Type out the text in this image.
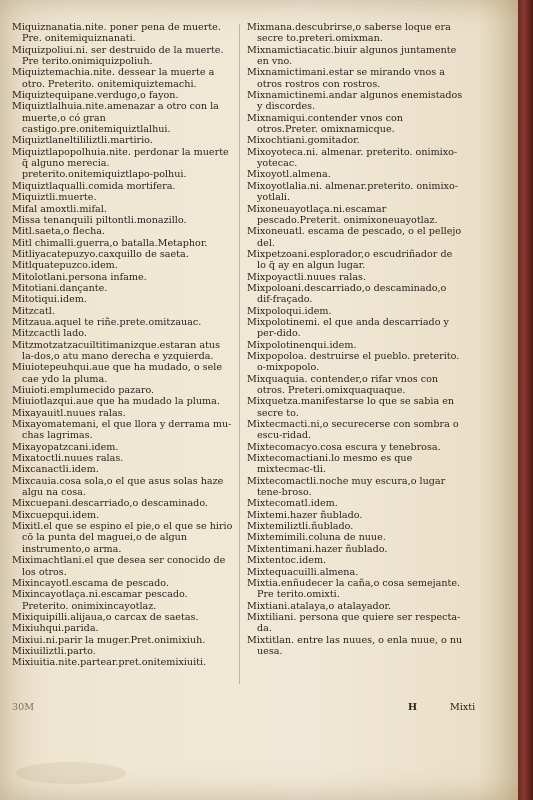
Miquiznanatia.nite. poner pena de muerte. Pre. onitemiquiznanati.

Miquizpoliui.ni. ser destruido de la muerte. Pre terito.onimiquizpoliuh.

Miquiztemachia.nite. dessear la muerte a otro. Preterito. onitemiquiztemachi.

Miquiztequipane.verdugo,o fayon.

Miquiztlalhuia.nite.amenazar a otro con la muerte,o có gran castigo.pre.onitemiquiztlalhui.

Miquiztlaneltililiztli.martirio.

Miquiztlapopolhuia.nite. perdonar la muerte q̃ alguno merecia. preterito.onitemiquiztlapo-polhui.

Miquiztlaqualli.comida mortifera.

Miquiztli.muerte.

Mifal amoxtli.mifal.

Missa tenanquili piltontli.monazillo.

Mitl.saeta,o flecha.

Mitl chimalli.guerra,o batalla.Metaphor.

Mitliyacatepuzyo.caxquillo de saeta.

Mitlquatepuzco.idem.

Mitolotlani.persona infame.

Mitotiani.dançante.

Mitotiqui.idem.

Mitzcatl.

Mitzaua.aquel te riñe.prete.omitzauac.

Mitzcactli lado.

Mitzmotzatzacuiltitimanizque.estaran atus la-dos,o atu mano derecha e yzquierda.

Miuiotepeuhqui.aue que ha mudado, o sele cae ydo la pluma.

Miuioti.emplumecido pazaro.

Miuiotlazqui.aue que ha mudado la pluma.

Mixayauitl.nuues ralas.

Mixayomatemani, el que llora y derrama mu-chas lagrimas.

Mixayopatzcani.idem.

Mixatoctli.nuues ralas.

Mixcanactli.idem.

Mixcauia.cosa sola,o el que asus solas haze algu na cosa.

Mixcuepani.descarriado,o descaminado.

Mixcuepqui.idem.

Mixitl.el que se espino el pie,o el que se hirio cō la punta del maguei,o de algun instrumento,o arma.

Miximachtlani.el que desea ser conocido de los otros.

Mixincayotl.escama de pescado.

Mixincayotlaça.ni.escamar pescado. Preterito. onimixincayotlaz.

Mixiquipilli.alijaua,o carcax de saetas.

Mixiuhqui.parida.

Mixiui.ni.parir la muger.Pret.onimixiuh.

Mixiuiliztli.parto.

Mixiuitia.nite.partear.pret.onitemixiuiti.

Mixmana.descubrirse,o saberse loque era secre to.preteri.omixman.

Mixnamictiacatic.biuir algunos juntamente en vno.

Mixnamictimani.estar se mirando vnos a otros rostros con rostros.

Mixnamictinemi.andar algunos enemistados y discordes.

Mixnamiqui.contender vnos con otros.Preter. omixnamicque.

Mixochtiani.gomitador.

Mixoyoteca.ni. almenar. preterito. onimixo-yotecac.

Mixoyotl.almena.

Mixoyotlalia.ni. almenar.preterito. onimixo-yotlali.

Mixoneuayotlaça.ni.escamar pescado.Preterit. onimixoneuayotlaz.

Mixoneuatl. escama de pescado, o el pellejo del.

Mixpetzoani.esplorador,o escudriñador de lo q̃ ay en algun lugar.

Mixpoyactli.nuues ralas.

Mixpoloani.descarriado,o descaminado,o dif-fraçado.

Mixpoloqui.idem.

Mixpolotinemi. el que anda descarriado y per-dido.

Mixpolotinenqui.idem.

Mixpopoloa. destruirse el pueblo. preterito. o-mixpopolo.

Mixquaquia. contender,o rifar vnos con otros. Preteri.omixquaquaque.

Mixquetza.manifestarse lo que se sabia en secre to.

Mixtecmacti.ni,o securecerse con sombra o escu-ridad.

Mixtecomacyo.cosa escura y tenebrosa.

Mixtecomactiani.lo mesmo es que mixtecmac-tli.

Mixtecomactli.noche muy escura,o lugar tene-broso.

Mixtecomatl.idem.

Mixtemi.hazer ñublado.

Mixtemiliztli.ñublado.

Mixtemimili.coluna de nuue.

Mixtentimani.hazer ñublado.

Mixtentoc.idem.

Mixtequacuilli.almena.

Mixtia.enñudecer la caña,o cosa semejante. Pre terito.omixti.

Mixtiani.atalaya,o atalayador.

Mixtiliani. persona que quiere ser respecta-da.

Mixtitlan. entre las nuues, o enla nuue, o nu uesa.

30M	H	Mixti
